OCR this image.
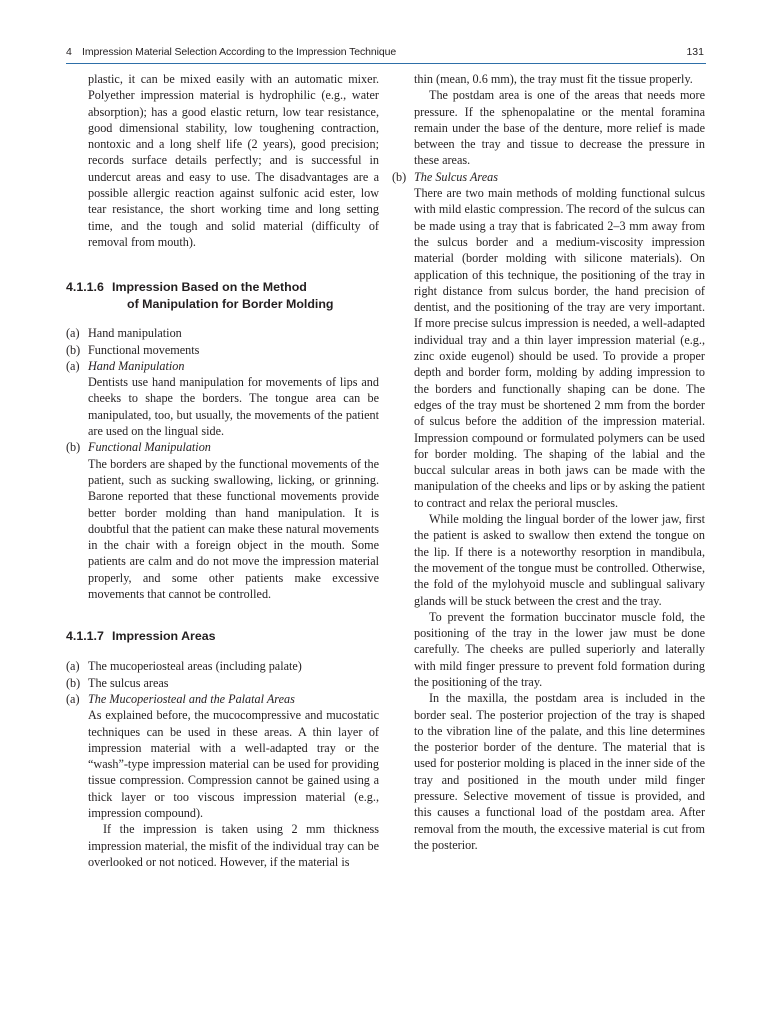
4 Impression Material Selection According to the Impression Technique	131

plastic, it can be mixed easily with an automatic mixer. Polyether impression material is hydrophilic (e.g., water absorption); has a good elastic return, low tear resistance, good dimensional stability, low toughening contraction, nontoxic and a long shelf life (2 years), good precision; records surface details perfectly; and is successful in undercut areas and easy to use. The disadvantages are a possible allergic reaction against sulfonic acid ester, low tear resistance, the short working time and long setting time, and the tough and solid material (difficulty of removal from mouth).

4.1.1.6 Impression Based on the Method
of Manipulation for Border Molding
(a) Hand manipulation
(b) Functional movements
(a) Hand Manipulation

Dentists use hand manipulation for movements of lips and cheeks to shape the borders. The tongue area can be manipulated, too, but usually, the movements of the patient are used on the lingual side.

(b) Functional Manipulation

The borders are shaped by the functional movements of the patient, such as sucking swallowing, licking, or grinning. Barone reported that these functional movements provide better border molding than hand manipulation. It is doubtful that the patient can make these natural movements in the chair with a foreign object in the mouth. Some patients are calm and do not move the impression material properly, and some other patients make excessive movements that cannot be controlled.

4.1.1.7 Impression Areas
(a) The mucoperiosteal areas (including palate)
(b) The sulcus areas
(a) The Mucoperiosteal and the Palatal Areas

As explained before, the mucocompressive and mucostatic techniques can be used in these areas. A thin layer of impression material with a well-adapted tray or the “wash”-type impression material can be used for providing tissue compression. Compression cannot be gained using a thick layer or too viscous impression material (e.g., impression compound).

If the impression is taken using 2 mm thickness impression material, the misfit of the individual tray can be overlooked or not noticed. However, if the material is

thin (mean, 0.6 mm), the tray must fit the tissue properly.

The postdam area is one of the areas that needs more pressure. If the sphenopalatine or the mental foramina remain under the base of the denture, more relief is made between the tray and tissue to decrease the pressure in these areas.

(b) The Sulcus Areas

There are two main methods of molding functional sulcus with mild elastic compression. The record of the sulcus can be made using a tray that is fabricated 2–3 mm away from the sulcus border and a medium-viscosity impression material (border molding with silicone materials). On application of this technique, the positioning of the tray in right distance from sulcus border, the hand precision of dentist, and the positioning of the tray are very important. If more precise sulcus impression is needed, a well-adapted individual tray and a thin layer impression material (e.g., zinc oxide eugenol) should be used. To provide a proper depth and border form, molding by adding impression to the borders and functionally shaping can be done. The edges of the tray must be shortened 2 mm from the border of sulcus before the addition of the impression material. Impression compound or formulated polymers can be used for border molding. The shaping of the labial and the buccal sulcular areas in both jaws can be made with the manipulation of the cheeks and lips or by asking the patient to contract and relax the perioral muscles.

While molding the lingual border of the lower jaw, first the patient is asked to swallow then extend the tongue on the lip. If there is a noteworthy resorption in mandibula, the movement of the tongue must be controlled. Otherwise, the fold of the mylohyoid muscle and sublingual salivary glands will be stuck between the crest and the tray.

To prevent the formation buccinator muscle fold, the positioning of the tray in the lower jaw must be done carefully. The cheeks are pulled superiorly and laterally with mild finger pressure to prevent fold formation during the positioning of the tray.

In the maxilla, the postdam area is included in the border seal. The posterior projection of the tray is shaped to the vibration line of the palate, and this line determines the posterior border of the denture. The material that is used for posterior molding is placed in the inner side of the tray and positioned in the mouth under mild finger pressure. Selective movement of tissue is provided, and this causes a functional load of the postdam area. After removal from the mouth, the excessive material is cut from the posterior.
